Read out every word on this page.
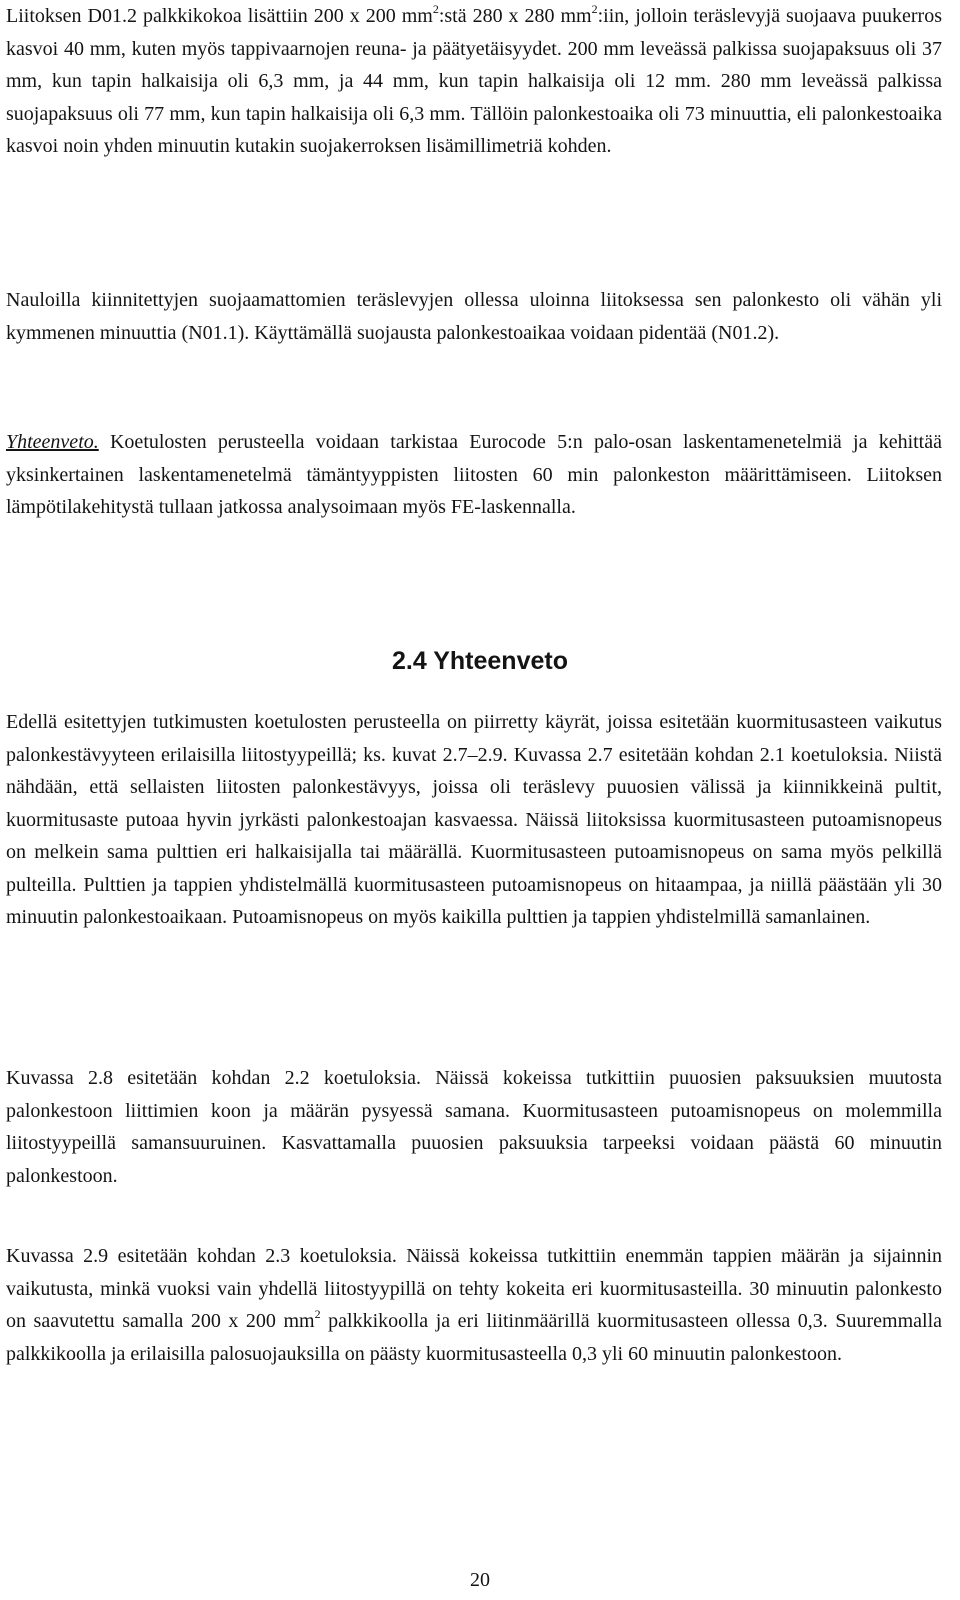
Liitoksen D01.2 palkkikokoa lisättiin 200 x 200 $mm^2:stä$ 280 x 280 $mm^2:iin$, jolloin teräslevyjä suojaava puukerros kasvoi 40 mm, kuten myös tappivaarnojen reuna- ja päätyetäisyydet. 200 mm leveässä palkissa suojapaksuus oli 37 mm, kun tapin halkaisija oli 6,3 mm, ja 44 mm, kun tapin halkaisija oli 12 mm. 280 mm leveässä palkissa suojapaksuus oli 77 mm, kun tapin halkaisija oli 6,3 mm. Tällöin palonkestoaika oli 73 minuuttia, eli palonkestoaika kasvoi noin yhden minuutin kutakin suojakerroksen lisämillimetriä kohden.

Nauloilla kiinnitettyjen suojaamattomien teräslevyjen ollessa uloinna liitoksessa sen palonkesto oli vähän yli kymmenen minuuttia (N01.1). Käyttämällä suojausta palonkestoaikaa voidaan pidentää (N01.2).

Yhteenveto. Koetulosten perusteella voidaan tarkistaa Eurocode 5:n palo-osan laskentamenetelmiä ja kehittää yksinkertainen laskentamenetelmä tämäntyyppisten liitosten 60 min palonkeston määrittämiseen. Liitoksen lämpötilakehitystä tullaan jatkossa analysoimaan myös FE-laskennalla.

2.4 Yhteenveto

Edellä esitettyjen tutkimusten koetulosten perusteella on piirretty käyrät, joissa esitetään kuormitusasteen vaikutus palonkestävyyteen erilaisilla liitostyypeillä; ks. kuvat 2.7–2.9. Kuvassa 2.7 esitetään kohdan 2.1 koetuloksia. Niistä nähdään, että sellaisten liitosten palonkestävyys, joissa oli teräslevy puuosien välissä ja kiinnikkeinä pultit, kuormitusaste putoaa hyvin jyrkästi palonkestoajan kasvaessa. Näissä liitoksissa kuormitusasteen putoamisnopeus on melkein sama pulttien eri halkaisijalla tai määrällä. Kuormitusasteen putoamisnopeus on sama myös pelkillä pulteilla. Pulttien ja tappien yhdistelmällä kuormitusasteen putoamisnopeus on hitaampaa, ja niillä päästään yli 30 minuutin palonkestoaikaan. Putoamisnopeus on myös kaikilla pulttien ja tappien yhdistelmillä samanlainen.

Kuvassa 2.8 esitetään kohdan 2.2 koetuloksia. Näissä kokeissa tutkittiin puuosien paksuuksien muutosta palonkestoon liittimien koon ja määrän pysyessä samana. Kuormitusasteen putoamisnopeus on molemmilla liitostyypeillä samansuuruinen. Kasvattamalla puuosien paksuuksia tarpeeksi voidaan päästä 60 minuutin palonkestoon.

Kuvassa 2.9 esitetään kohdan 2.3 koetuloksia. Näissä kokeissa tutkittiin enemmän tappien määrän ja sijainnin vaikutusta, minkä vuoksi vain yhdellä liitostyypillä on tehty kokeita eri kuormitusasteilla. 30 minuutin palonkesto on saavutettu samalla 200 x 200 $mm^2$ palkkikoolla ja eri liitinmäärillä kuormitusasteen ollessa 0,3. Suuremmalla palkkikoolla ja erilaisilla palosuojauksilla on päästy kuormitusasteella 0,3 yli 60 minuutin palonkestoon.

20
